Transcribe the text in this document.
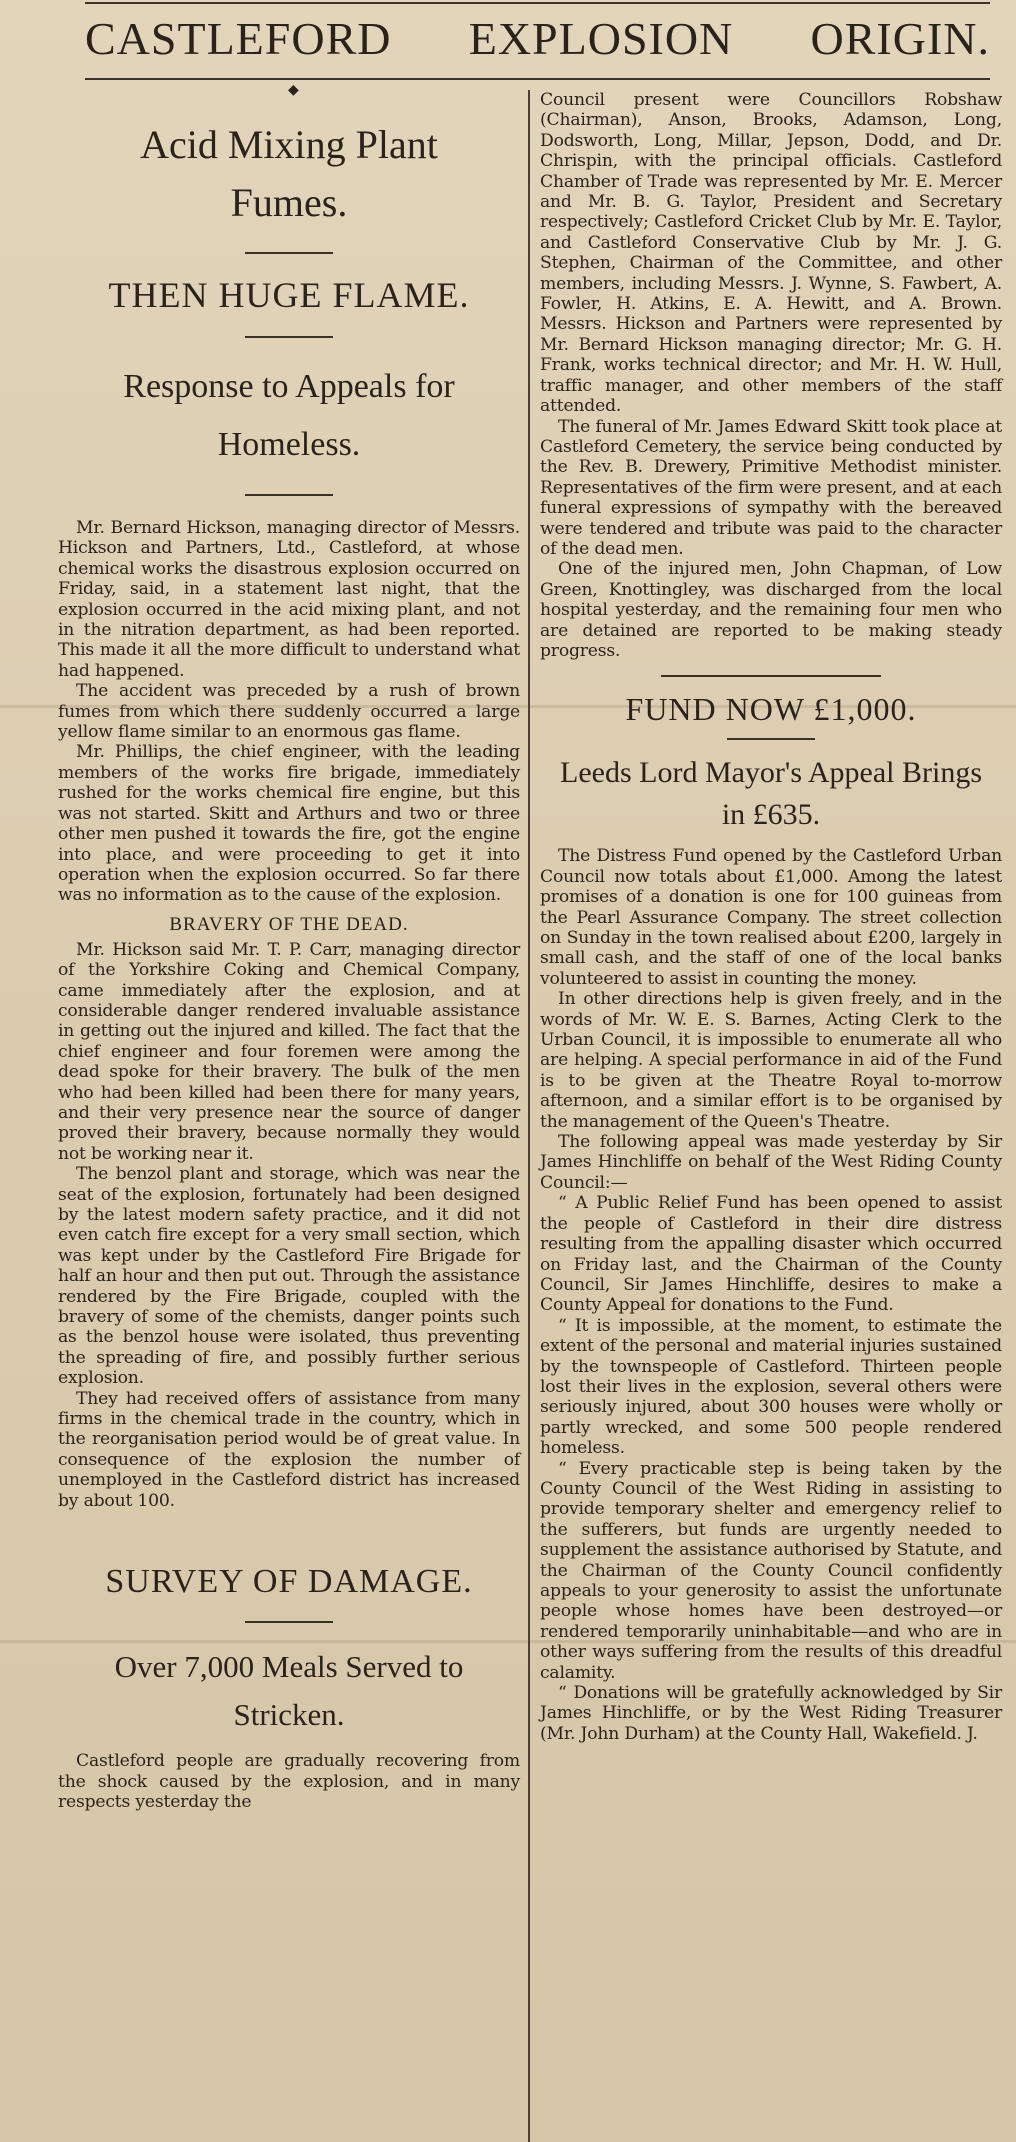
CASTLEFORD EXPLOSION ORIGIN.
◆
Acid Mixing Plant Fumes.
THEN HUGE FLAME.
Response to Appeals for Homeless.

Mr. Bernard Hickson, managing director of Messrs. Hickson and Partners, Ltd., Castleford, at whose chemical works the disastrous explosion occurred on Friday, said, in a statement last night, that the explosion occurred in the acid mixing plant, and not in the nitration department, as had been reported. This made it all the more difficult to understand what had happened.

The accident was preceded by a rush of brown fumes from which there suddenly occurred a large yellow flame similar to an enormous gas flame.

Mr. Phillips, the chief engineer, with the leading members of the works fire brigade, immediately rushed for the works chemical fire engine, but this was not started. Skitt and Arthurs and two or three other men pushed it towards the fire, got the engine into place, and were proceeding to get it into operation when the explosion occurred. So far there was no information as to the cause of the explosion.

BRAVERY OF THE DEAD.

Mr. Hickson said Mr. T. P. Carr, managing director of the Yorkshire Coking and Chemical Company, came immediately after the explosion, and at considerable danger rendered invaluable assistance in getting out the injured and killed. The fact that the chief engineer and four foremen were among the dead spoke for their bravery. The bulk of the men who had been killed had been there for many years, and their very presence near the source of danger proved their bravery, because normally they would not be working near it.

The benzol plant and storage, which was near the seat of the explosion, fortunately had been designed by the latest modern safety practice, and it did not even catch fire except for a very small section, which was kept under by the Castleford Fire Brigade for half an hour and then put out. Through the assistance rendered by the Fire Brigade, coupled with the bravery of some of the chemists, danger points such as the benzol house were isolated, thus preventing the spreading of fire, and possibly further serious explosion.

They had received offers of assistance from many firms in the chemical trade in the country, which in the reorganisation period would be of great value. In consequence of the explosion the number of unemployed in the Castleford district has increased by about 100.

SURVEY OF DAMAGE.
Over 7,000 Meals Served to Stricken.

Castleford people are gradually recovering from the shock caused by the explosion, and in many respects yesterday the

Council present were Councillors Robshaw (Chairman), Anson, Brooks, Adamson, Long, Dodsworth, Long, Millar, Jepson, Dodd, and Dr. Chrispin, with the principal officials. Castleford Chamber of Trade was represented by Mr. E. Mercer and Mr. B. G. Taylor, President and Secretary respectively; Castleford Cricket Club by Mr. E. Taylor, and Castleford Conservative Club by Mr. J. G. Stephen, Chairman of the Committee, and other members, including Messrs. J. Wynne, S. Fawbert, A. Fowler, H. Atkins, E. A. Hewitt, and A. Brown. Messrs. Hickson and Partners were represented by Mr. Bernard Hickson managing director; Mr. G. H. Frank, works technical director; and Mr. H. W. Hull, traffic manager, and other members of the staff attended.

The funeral of Mr. James Edward Skitt took place at Castleford Cemetery, the service being conducted by the Rev. B. Drewery, Primitive Methodist minister. Representatives of the firm were present, and at each funeral expressions of sympathy with the bereaved were tendered and tribute was paid to the character of the dead men.

One of the injured men, John Chapman, of Low Green, Knottingley, was discharged from the local hospital yesterday, and the remaining four men who are detained are reported to be making steady progress.

FUND NOW £1,000.
Leeds Lord Mayor's Appeal Brings in £635.

The Distress Fund opened by the Castleford Urban Council now totals about £1,000. Among the latest promises of a donation is one for 100 guineas from the Pearl Assurance Company. The street collection on Sunday in the town realised about £200, largely in small cash, and the staff of one of the local banks volunteered to assist in counting the money.

In other directions help is given freely, and in the words of Mr. W. E. S. Barnes, Acting Clerk to the Urban Council, it is impossible to enumerate all who are helping. A special performance in aid of the Fund is to be given at the Theatre Royal to-morrow afternoon, and a similar effort is to be organised by the management of the Queen's Theatre.

The following appeal was made yesterday by Sir James Hinchliffe on behalf of the West Riding County Council:—

“ A Public Relief Fund has been opened to assist the people of Castleford in their dire distress resulting from the appalling disaster which occurred on Friday last, and the Chairman of the County Council, Sir James Hinchliffe, desires to make a County Appeal for donations to the Fund.

“ It is impossible, at the moment, to estimate the extent of the personal and material injuries sustained by the townspeople of Castleford. Thirteen people lost their lives in the explosion, several others were seriously injured, about 300 houses were wholly or partly wrecked, and some 500 people rendered homeless.

“ Every practicable step is being taken by the County Council of the West Riding in assisting to provide temporary shelter and emergency relief to the sufferers, but funds are urgently needed to supplement the assistance authorised by Statute, and the Chairman of the County Council confidently appeals to your generosity to assist the unfortunate people whose homes have been destroyed—or rendered temporarily uninhabitable—and who are in other ways suffering from the results of this dreadful calamity.

“ Donations will be gratefully acknowledged by Sir James Hinchliffe, or by the West Riding Treasurer (Mr. John Durham) at the County Hall, Wakefield. J.
